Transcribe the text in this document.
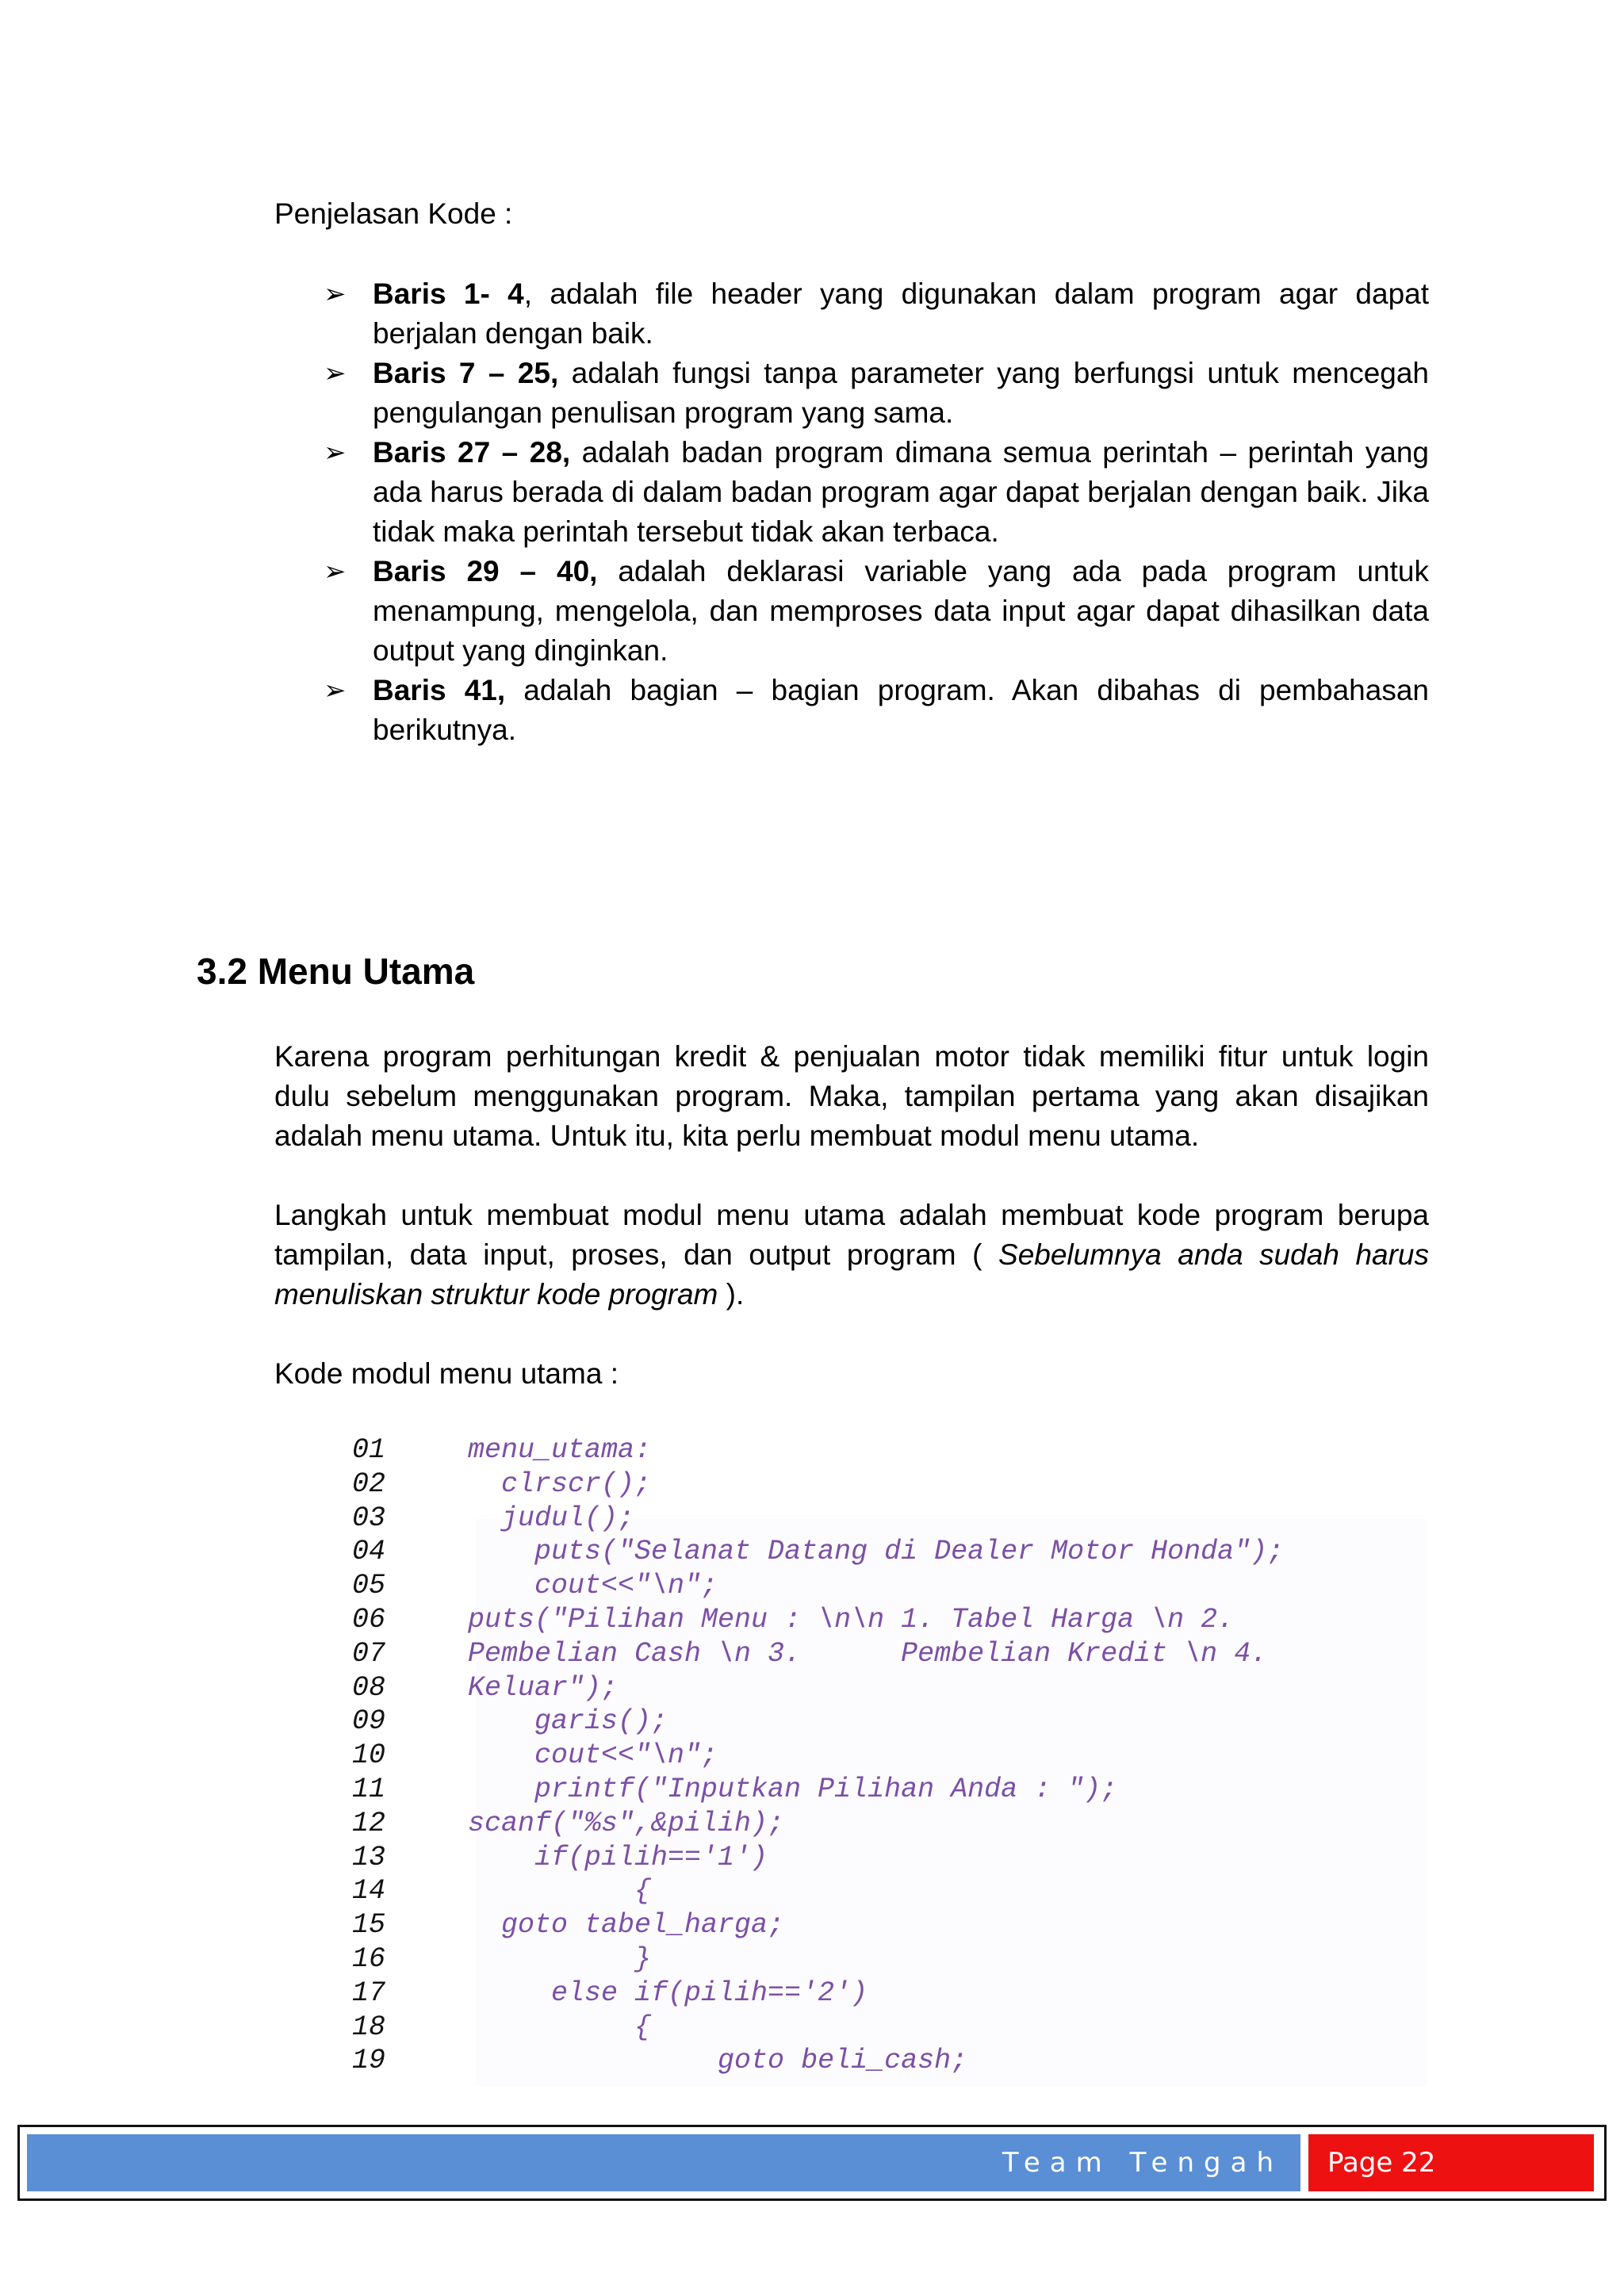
Penjelasan Kode :
➢ Baris 1- 4, adalah file header yang digunakan dalam program agar dapat berjalan dengan baik.
➢ Baris 7 – 25, adalah fungsi tanpa parameter yang berfungsi untuk mencegah pengulangan penulisan program yang sama.
➢ Baris 27 – 28, adalah badan program dimana semua perintah – perintah yang ada harus berada di dalam badan program agar dapat berjalan dengan baik. Jika tidak maka perintah tersebut tidak akan terbaca.
➢ Baris 29 – 40, adalah deklarasi variable yang ada pada program untuk menampung, mengelola, dan memproses data input agar dapat dihasilkan data output yang dinginkan.
➢ Baris 41, adalah bagian – bagian program. Akan dibahas di pembahasan berikutnya.
3.2 Menu Utama

Karena program perhitungan kredit & penjualan motor tidak memiliki fitur untuk login dulu sebelum menggunakan program. Maka, tampilan pertama yang akan disajikan adalah menu utama. Untuk itu, kita perlu membuat modul menu utama.

Langkah untuk membuat modul menu utama adalah membuat kode program berupa tampilan, data input, proses, dan output program ( Sebelumnya anda sudah harus menuliskan struktur kode program ).

Kode modul menu utama :

01	menu_utama:
02	clrscr();
03	judul();
04	puts("Selanat Datang di Dealer Motor Honda");
05	cout<<"\n";
06	puts("Pilihan Menu : \n\n 1. Tabel Harga \n 2.
07	Pembelian Cash \n 3.      Pembelian Kredit \n 4.
08	Keluar");
09	garis();
10	cout<<"\n";
11	printf("Inputkan Pilihan Anda : ");
12	scanf("%s",&pilih);
13	if(pilih=='1')
14	{
15	goto tabel_harga;
16	}
17	else if(pilih=='2')
18	{
19	goto beli_cash;
Team Tengah Page 22
